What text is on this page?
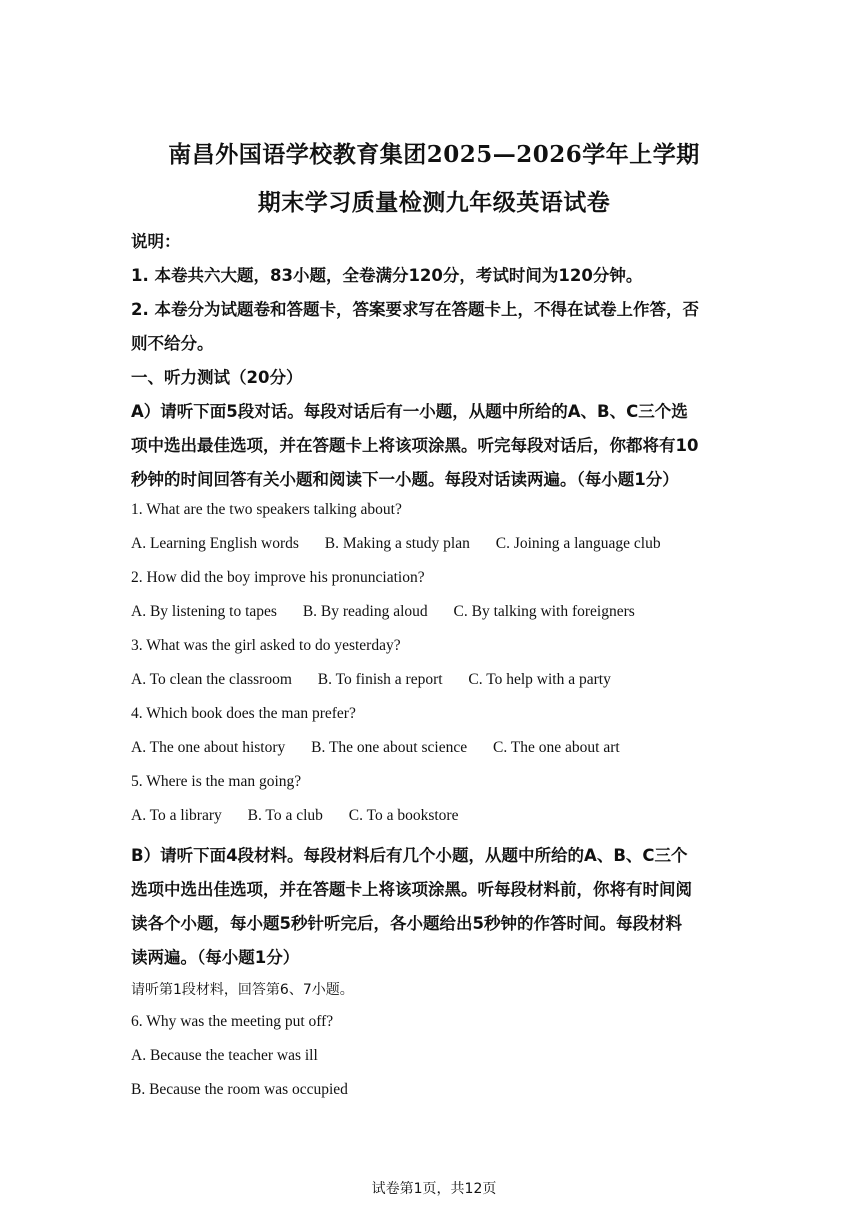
南昌外国语学校教育集团2025—2026学年上学期
期末学习质量检测九年级英语试卷
说明：
1. 本卷共六大题，83小题，全卷满分120分，考试时间为120分钟。
2. 本卷分为试题卷和答题卡，答案要求写在答题卡上，不得在试卷上作答，否
则不给分。
一、听力测试（20分）
A）请听下面5段对话。每段对话后有一小题，从题中所给的A、B、C三个选
项中选出最佳选项，并在答题卡上将该项涂黑。听完每段对话后，你都将有10
秒钟的时间回答有关小题和阅读下一小题。每段对话读两遍。（每小题1分）
1. What are the two speakers talking about?
A. Learning English words B. Making a study plan C. Joining a language club
2. How did the boy improve his pronunciation?
A. By listening to tapes B. By reading aloud C. By talking with foreigners
3. What was the girl asked to do yesterday?
A. To clean the classroom B. To finish a report C. To help with a party
4. Which book does the man prefer?
A. The one about history B. The one about science C. The one about art
5. Where is the man going?
A. To a library B. To a club C. To a bookstore
B）请听下面4段材料。每段材料后有几个小题，从题中所给的A、B、C三个
选项中选出佳选项，并在答题卡上将该项涂黑。听每段材料前，你将有时间阅
读各个小题，每小题5秒针听完后，各小题给出5秒钟的作答时间。每段材料
读两遍。（每小题1分）
请听第1段材料，回答第6、7小题。
6. Why was the meeting put off?
A. Because the teacher was ill
B. Because the room was occupied
试卷第1页，共12页
